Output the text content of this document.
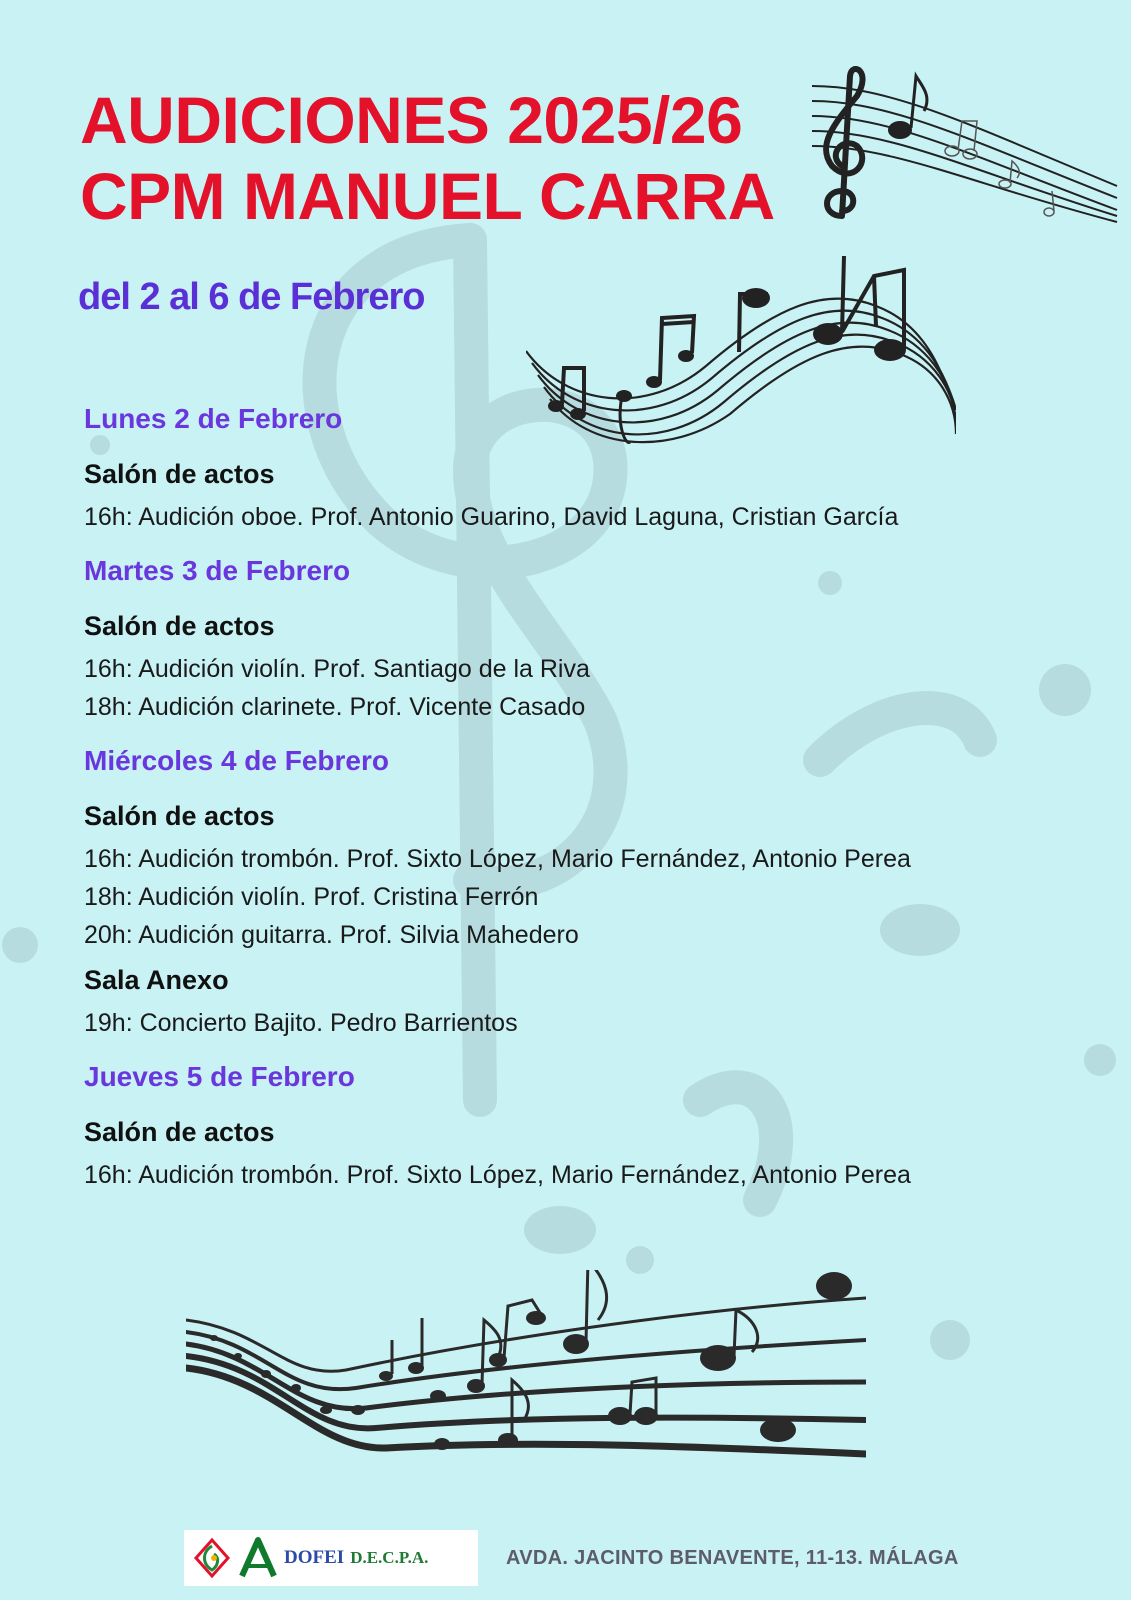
AUDICIONES 2025/26
CPM MANUEL CARRA
del 2 al 6 de Febrero

Lunes 2 de Febrero

Salón de actos

16h: Audición oboe. Prof. Antonio Guarino, David Laguna, Cristian García

Martes 3 de Febrero

Salón de actos

16h: Audición violín. Prof. Santiago de la Riva

18h: Audición clarinete. Prof. Vicente Casado

Miércoles 4 de Febrero

Salón de actos

16h: Audición trombón. Prof. Sixto López, Mario Fernández, Antonio Perea

18h: Audición violín. Prof. Cristina Ferrón

20h: Audición guitarra. Prof. Silvia Mahedero

Sala Anexo

19h: Concierto Bajito. Pedro Barrientos

Jueves 5 de Febrero

Salón de actos

16h: Audición trombón. Prof. Sixto López, Mario Fernández, Antonio Perea

DOFEI D.E.C.P.A.	AVDA. JACINTO BENAVENTE, 11-13. MÁLAGA
